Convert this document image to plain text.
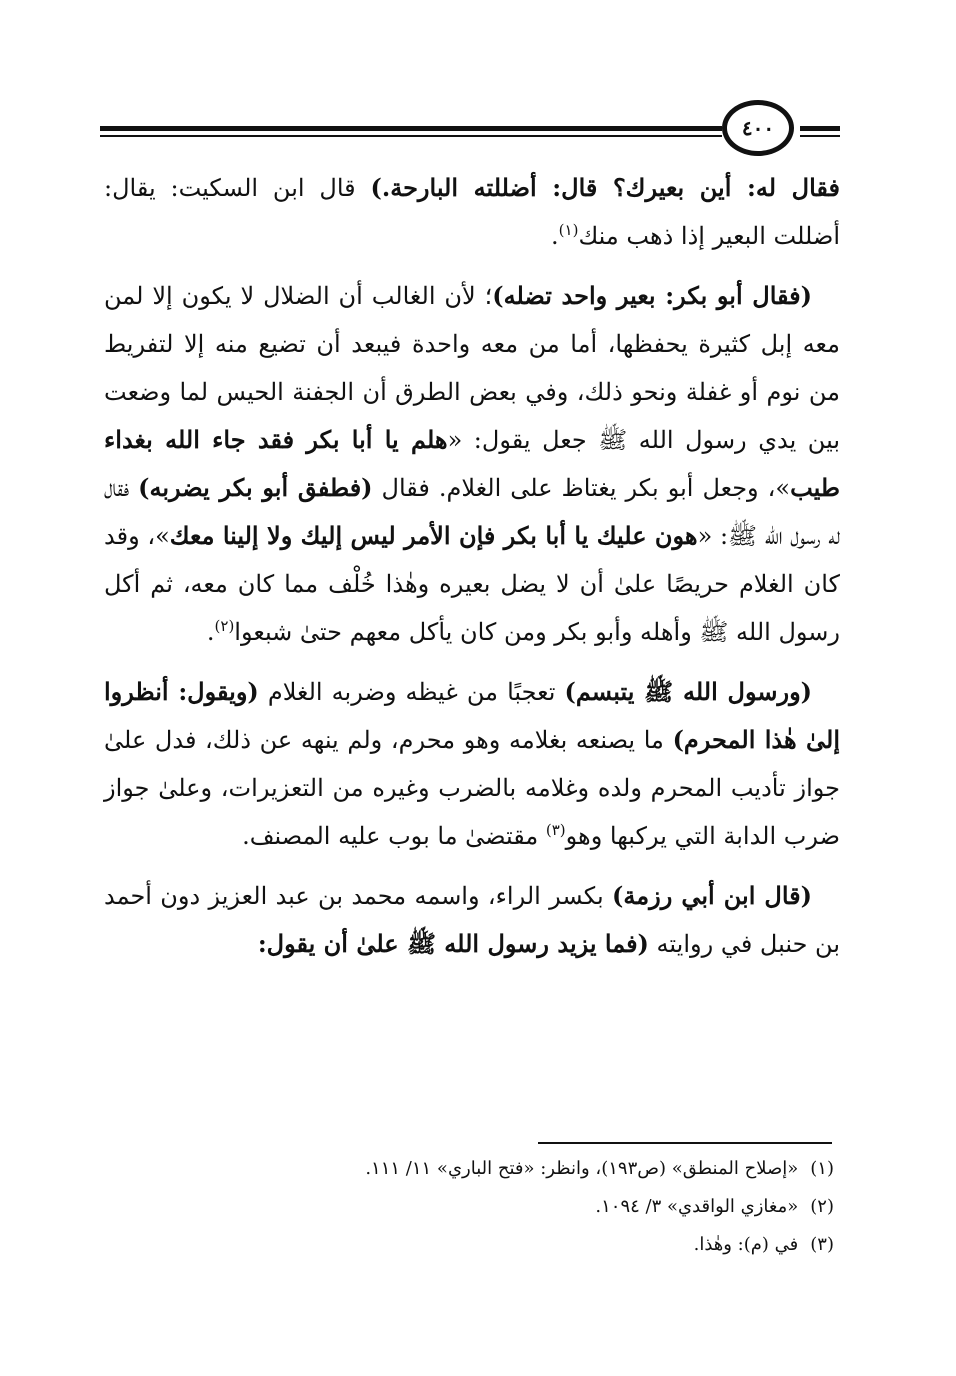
٤٠٠

فقال له: أين بعيرك؟ قال: أضللته البارحة.) قال ابن السكيت: يقال: أضللت البعير إذا ذهب منك$^{(١)}$.

(فقال أبو بكر: بعير واحد تضله)؛ لأن الغالب أن الضلال لا يكون إلا لمن معه إبل كثيرة يحفظها، أما من معه واحدة فيبعد أن تضيع منه إلا لتفريط من نوم أو غفلة ونحو ذلك، وفي بعض الطرق أن الجفنة الحيس لما وضعت بين يدي رسول الله ﷺ جعل يقول: «هلم يا أبا بكر فقد جاء الله بغداء طيب»، وجعل أبو بكر يغتاظ على الغلام. فقال (فطفق أبو بكر يضربه) فقال له رسول الله ﷺ: «هون عليك يا أبا بكر فإن الأمر ليس إليك ولا إلينا معك»، وقد كان الغلام حريصًا علىٰ أن لا يضل بعيره وهٰذا خُلْف مما كان معه، ثم أكل رسول الله ﷺ وأهله وأبو بكر ومن كان يأكل معهم حتىٰ شبعوا$^{(٢)}$.

(ورسول الله ﷺ يتبسم) تعجبًا من غيظه وضربه الغلام (ويقول: أنظروا إلىٰ هٰذا المحرم) ما يصنعه بغلامه وهو محرم، ولم ينهه عن ذلك، فدل علىٰ جواز تأديب المحرم ولده وغلامه بالضرب وغيره من التعزيرات، وعلىٰ جواز ضرب الدابة التي يركبها وهو$^{(٣)}$ مقتضىٰ ما بوب عليه المصنف.

(قال ابن أبي رزمة) بكسر الراء، واسمه محمد بن عبد العزيز دون أحمد بن حنبل في روايته (فما يزيد رسول الله ﷺ علىٰ أن يقول:

(١)«إصلاح المنطق» (ص١٩٣)، وانظر: «فتح الباري» ١١/ ١١١.
(٢)«مغازي الواقدي» ٣/ ١٠٩٤.
(٣)في (م): وهٰذا.
